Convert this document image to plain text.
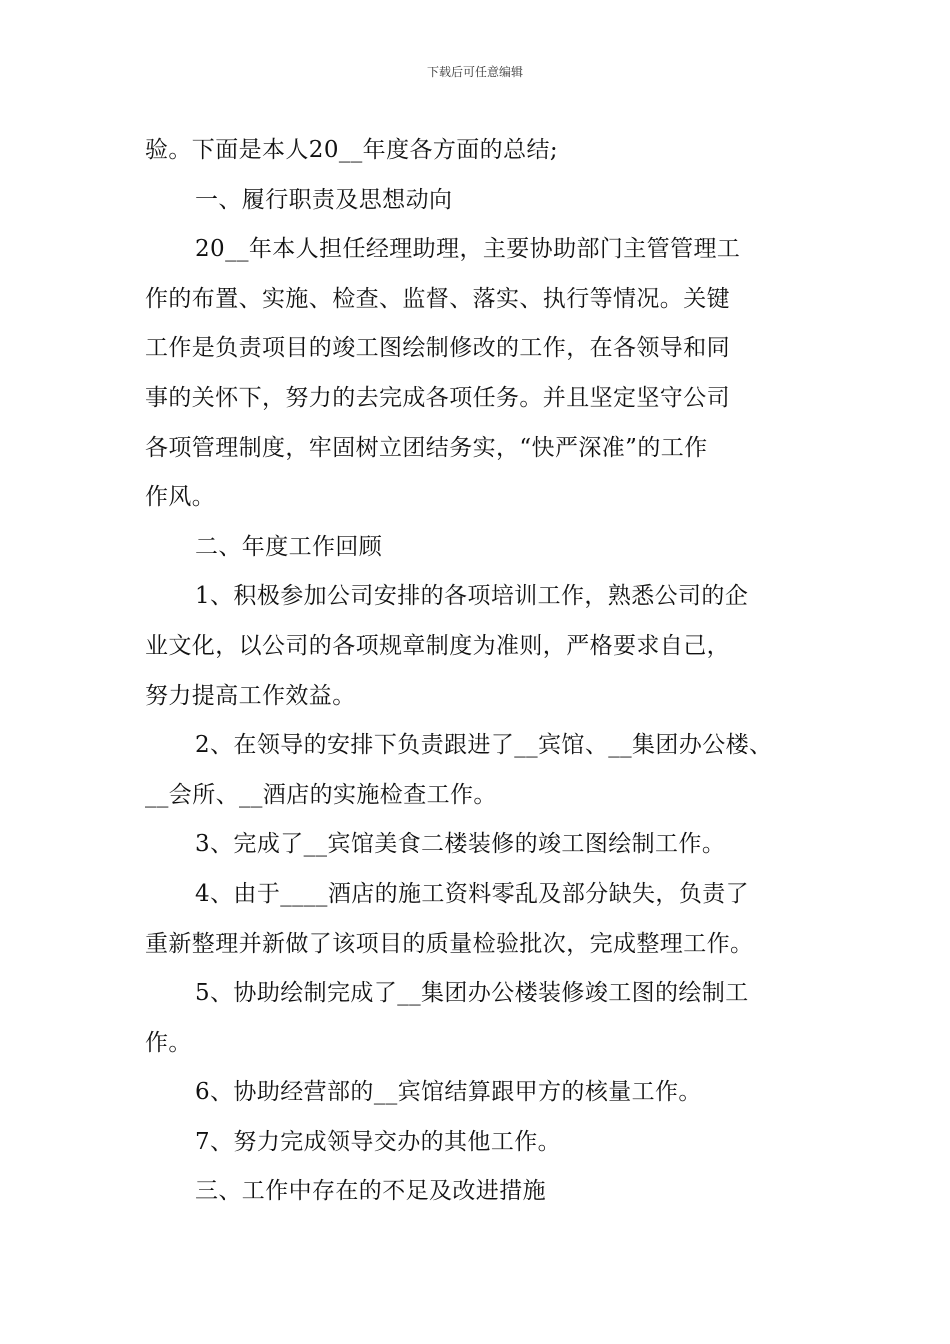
下载后可任意编辑
验。下面是本人20__年度各方面的总结;
一、履行职责及思想动向
20__年本人担任经理助理，主要协助部门主管管理工
作的布置、实施、检查、监督、落实、执行等情况。关键
工作是负责项目的竣工图绘制修改的工作，在各领导和同
事的关怀下，努力的去完成各项任务。并且坚定坚守公司
各项管理制度，牢固树立团结务实，“快严深准”的工作
作风。
二、年度工作回顾
1、积极参加公司安排的各项培训工作，熟悉公司的企
业文化，以公司的各项规章制度为准则，严格要求自己，
努力提高工作效益。
2、在领导的安排下负责跟进了__宾馆、__集团办公楼、
__会所、__酒店的实施检查工作。
3、完成了__宾馆美食二楼装修的竣工图绘制工作。
4、由于____酒店的施工资料零乱及部分缺失，负责了
重新整理并新做了该项目的质量检验批次，完成整理工作。
5、协助绘制完成了__集团办公楼装修竣工图的绘制工
作。
6、协助经营部的__宾馆结算跟甲方的核量工作。
7、努力完成领导交办的其他工作。
三、工作中存在的不足及改进措施
